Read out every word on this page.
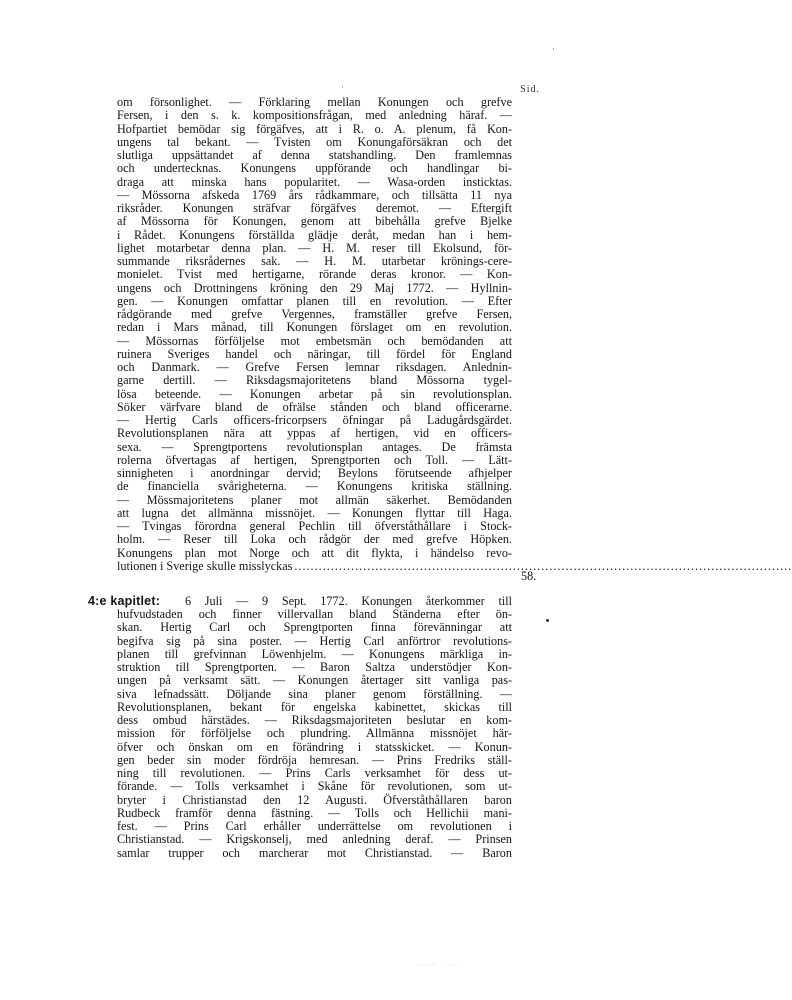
Sid.
·
·
om försonlighet. — Förklaring mellan Konungen och grefve
Fersen, i den s. k. kompositionsfrågan, med anledning häraf. —
Hofpartiet bemödar sig förgäfves, att i R. o. A. plenum, få Kon-
ungens tal bekant. — Tvisten om Konungaförsäkran och det
slutliga uppsättandet af denna statshandling. Den framlemnas
och undertecknas. Konungens uppförande och handlingar bi-
draga att minska hans popularitet. — Wasa-orden insticktas.
— Mössorna afskeda 1769 års rådkammare, och tillsätta 11 nya
riksråder. Konungen sträfvar förgäfves deremot. — Eftergift
af Mössorna för Konungen, genom att bibehålla grefve Bjelke
i Rådet. Konungens förställda glädje deråt, medan han i hem-
lighet motarbetar denna plan. — H. M. reser till Ekolsund, för-
summande riksrådernes sak. — H. M. utarbetar krönings-cere-
monielet. Tvist med hertigarne, rörande deras kronor. — Kon-
ungens och Drottningens kröning den 29 Maj 1772. — Hyllnin-
gen. — Konungen omfattar planen till en revolution. — Efter
rådgörande med grefve Vergennes, framställer grefve Fersen,
redan i Mars månad, till Konungen förslaget om en revolution.
— Mössornas förföljelse mot embetsmän och bemödanden att
ruinera Sveriges handel och näringar, till fördel för England
och Danmark. — Grefve Fersen lemnar riksdagen. Anlednin-
garne dertill. — Riksdagsmajoritetens bland Mössorna tygel-
lösa beteende. — Konungen arbetar på sin revolutionsplan.
Söker värfvare bland de ofrälse stånden och bland officerarne.
— Hertig Carls officers-fricorpsers öfningar på Ladugårdsgärdet.
Revolutionsplanen nära att yppas af hertigen, vid en officers-
sexa. — Sprengtportens revolutionsplan antages. De främsta
rolerna öfvertagas af hertigen, Sprengtporten och Toll. — Lätt-
sinnigheten i anordningar dervid; Beylons förutseende afhjelper
de financiella svårigheterna. — Konungens kritiska ställning.
— Mössmajoritetens planer mot allmän säkerhet. Bemödanden
att lugna det allmänna missnöjet. — Konungen flyttar till Haga.
— Tvingas förordna general Pechlin till öfverståthållare i Stock-
holm. — Reser till Loka och rådgör der med grefve Höpken.
Konungens plan mot Norge och att dit flykta, i händelso revo-
lutionen i Sverige skulle misslyckas ...........................................................................................................................
58.
4:e kapitlet: 6 Juli — 9 Sept. 1772. Konungen återkommer till
hufvudstaden och finner villervallan bland Ständerna efter ön-
skan. Hertig Carl och Sprengtporten finna förevänningar att
begifva sig på sina poster. — Hertig Carl anförtror revolutions-
planen till grefvinnan Löwenhjelm. — Konungens märkliga in-
struktion till Sprengtporten. — Baron Saltza understödjer Kon-
ungen på verksamt sätt. — Konungen återtager sitt vanliga pas-
siva lefnadssätt. Döljande sina planer genom förställning. —
Revolutionsplanen, bekant för engelska kabinettet, skickas till
dess ombud härstädes. — Riksdagsmajoriteten beslutar en kom-
mission för förföljelse och plundring. Allmänna missnöjet här-
öfver och önskan om en förändring i statsskicket. — Konun-
gen beder sin moder fördröja hemresan. — Prins Fredriks ställ-
ning till revolutionen. — Prins Carls verksamhet för dess ut-
förande. — Tolls verksamhet i Skåne för revolutionen, som ut-
bryter i Christianstad den 12 Augusti. Öfverståthållaren baron
Rudbeck framför denna fästning. — Tolls och Hellichii mani-
fest. — Prins Carl erhåller underrättelse om revolutionen i
Christianstad. — Krigskonselj, med anledning deraf. — Prinsen
samlar trupper och marcherar mot Christianstad. — Baron
~~~ ·:·~
